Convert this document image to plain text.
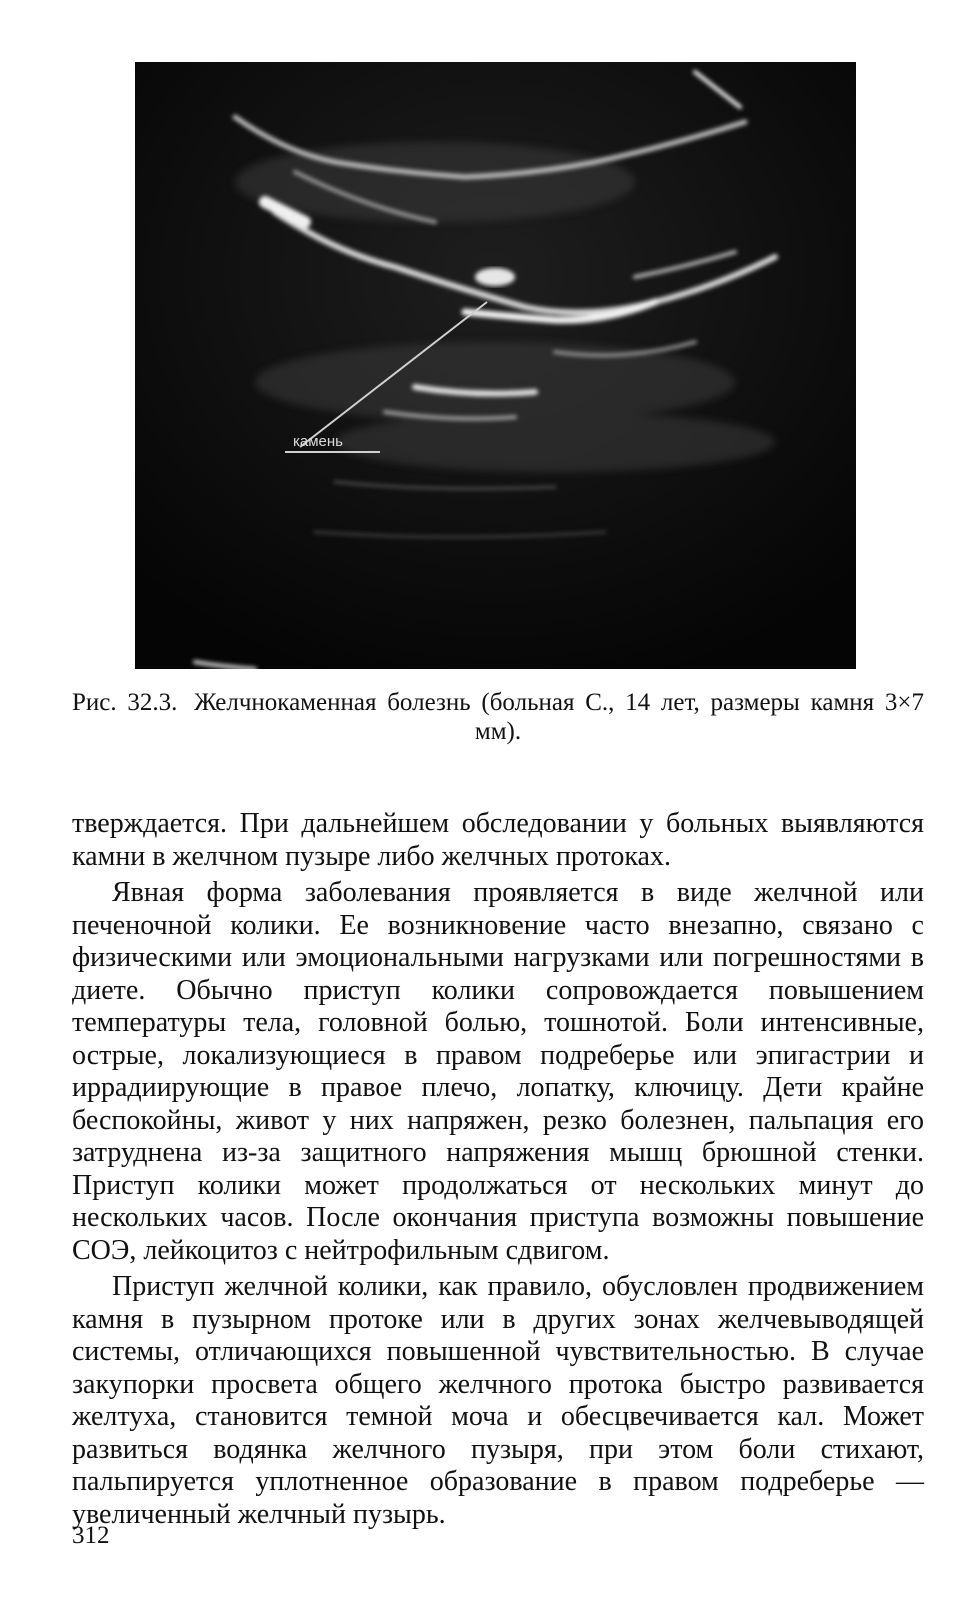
камень
Рис. 32.3. Желчнокаменная болезнь (больная С., 14 лет, размеры камня 3×7 мм).

тверждается. При дальнейшем обследовании у больных выявляются камни в желчном пузыре либо желчных протоках.

Явная форма заболевания проявляется в виде желчной или печеночной колики. Ее возникновение часто внезапно, связано с физическими или эмоциональными нагрузками или погрешностями в диете. Обычно приступ колики сопровождается повышением температуры тела, головной болью, тошнотой. Боли интенсивные, острые, локализующиеся в правом подреберье или эпигастрии и иррадиирующие в правое плечо, лопатку, ключицу. Дети крайне беспокойны, живот у них напряжен, резко болезнен, пальпация его затруднена из-за защитного напряжения мышц брюшной стенки. Приступ колики может продолжаться от нескольких минут до нескольких часов. После окончания приступа возможны повышение СОЭ, лейкоцитоз с нейтрофильным сдвигом.

Приступ желчной колики, как правило, обусловлен продвижением камня в пузырном протоке или в других зонах желчевыводящей системы, отличающихся повышенной чувствительностью. В случае закупорки просвета общего желчного протока быстро развивается желтуха, становится темной моча и обесцвечивается кал. Может развиться водянка желчного пузыря, при этом боли стихают, пальпируется уплотненное образование в правом подреберье — увеличенный желчный пузырь.

312
